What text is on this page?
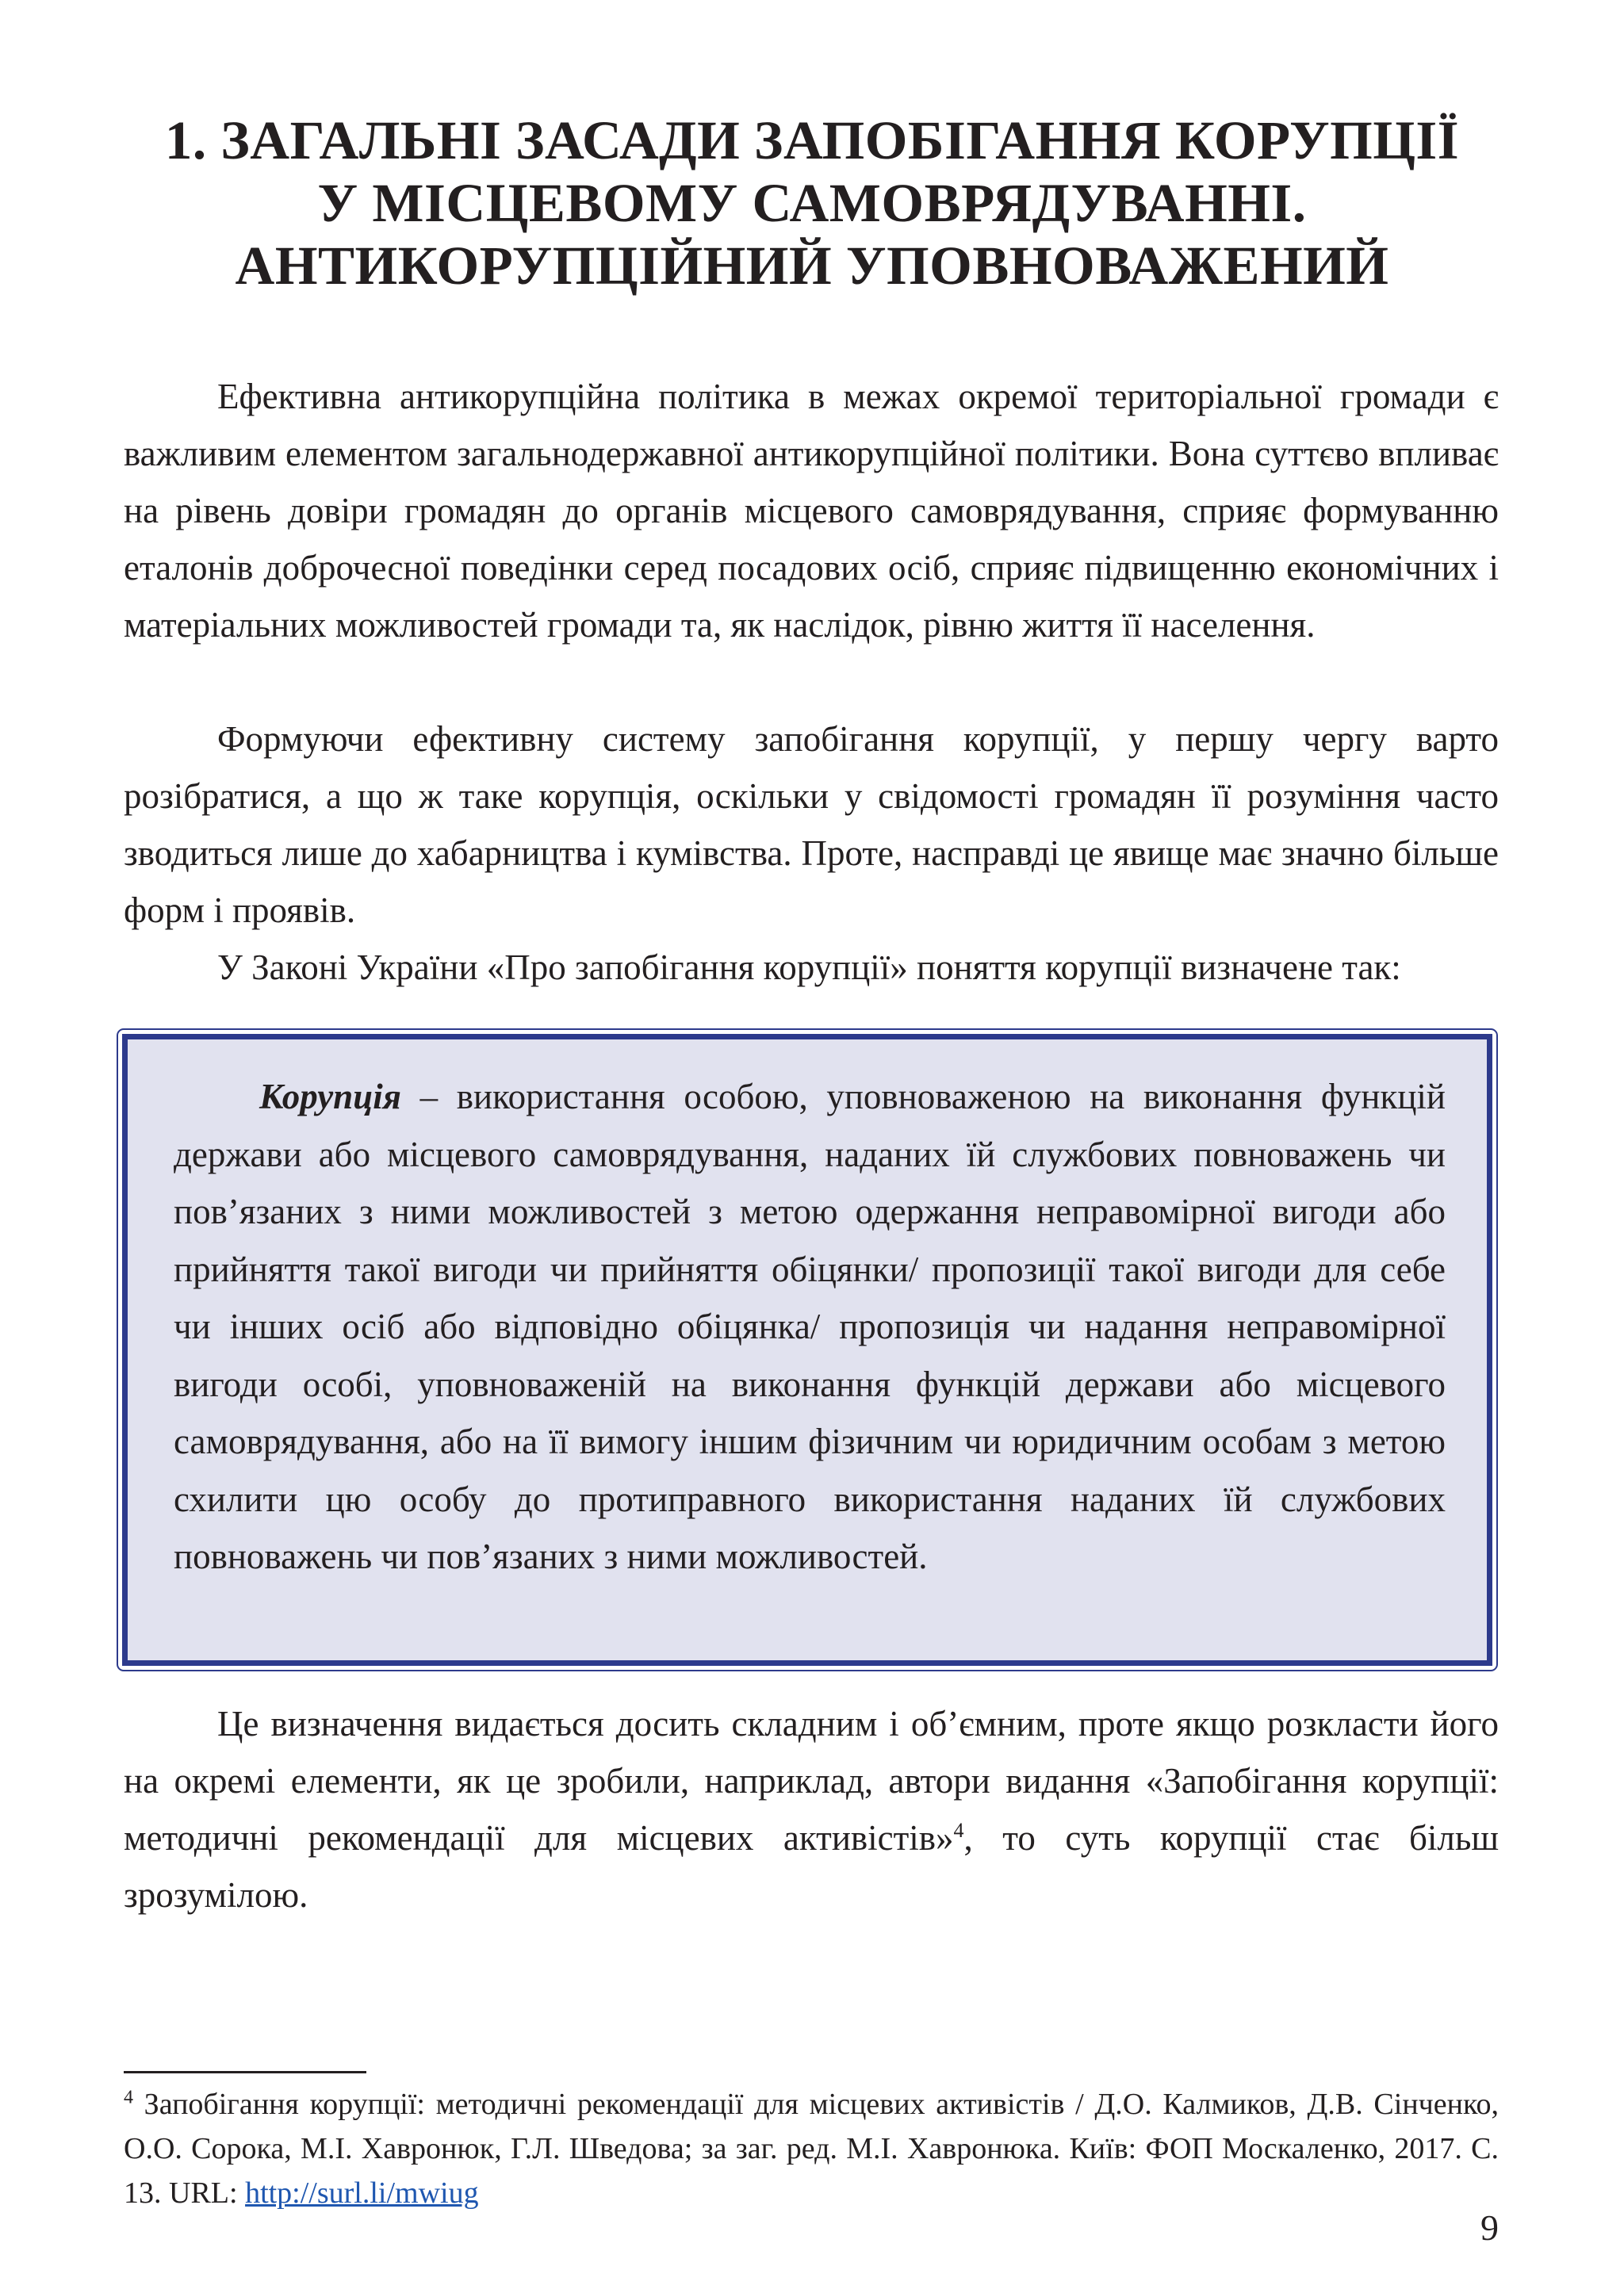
1. ЗАГАЛЬНІ ЗАСАДИ ЗАПОБІГАННЯ КОРУПЦІЇ
У МІСЦЕВОМУ САМОВРЯДУВАННІ.
АНТИКОРУПЦІЙНИЙ УПОВНОВАЖЕНИЙ

Ефективна антикорупційна політика в межах окремої територіальної громади є важливим елементом загальнодержавної антикорупційної політики. Вона суттєво впливає на рівень довіри громадян до органів місцевого самоврядування, сприяє формуванню еталонів доброчесної поведінки серед посадових осіб, сприяє підвищенню економічних і матеріальних можливостей громади та, як наслідок, рівню життя її населення.

Формуючи ефективну систему запобігання корупції, у першу чергу варто розібратися, а що ж таке корупція, оскільки у свідомості громадян її розуміння часто зводиться лише до хабарництва і кумівства. Проте, насправді це явище має значно більше форм і проявів.

У Законі України «Про запобігання корупції» поняття корупції визначене так:

Корупція – використання особою, уповноваженою на виконання функцій держави або місцевого самоврядування, наданих їй службових повноважень чи пов’язаних з ними можливостей з метою одержання неправомірної вигоди або прийняття такої вигоди чи прийняття обіцянки/ пропозиції такої вигоди для себе чи інших осіб або відповідно обіцянка/ пропозиція чи надання неправомірної вигоди особі, уповноваженій на виконання функцій держави або місцевого самоврядування, або на її вимогу іншим фізичним чи юридичним особам з метою схилити цю особу до протиправного використання наданих їй службових повноважень чи пов’язаних з ними можливостей.

Це визначення видається досить складним і об’ємним, проте якщо розкласти його на окремі елементи, як це зробили, наприклад, автори видання «Запобігання корупції: методичні рекомендації для місцевих активістів»$^4$, то суть корупції стає більш зрозумілою.

$^4$ Запобігання корупції: методичні рекомендації для місцевих активістів / Д.О. Калмиков, Д.В. Сінченко, О.О. Сорока, М.І. Хавронюк, Г.Л. Шведова; за заг. ред. М.І. Хавронюка. Київ: ФОП Москаленко, 2017. С. 13. URL: http://surl.li/mwiug

9
